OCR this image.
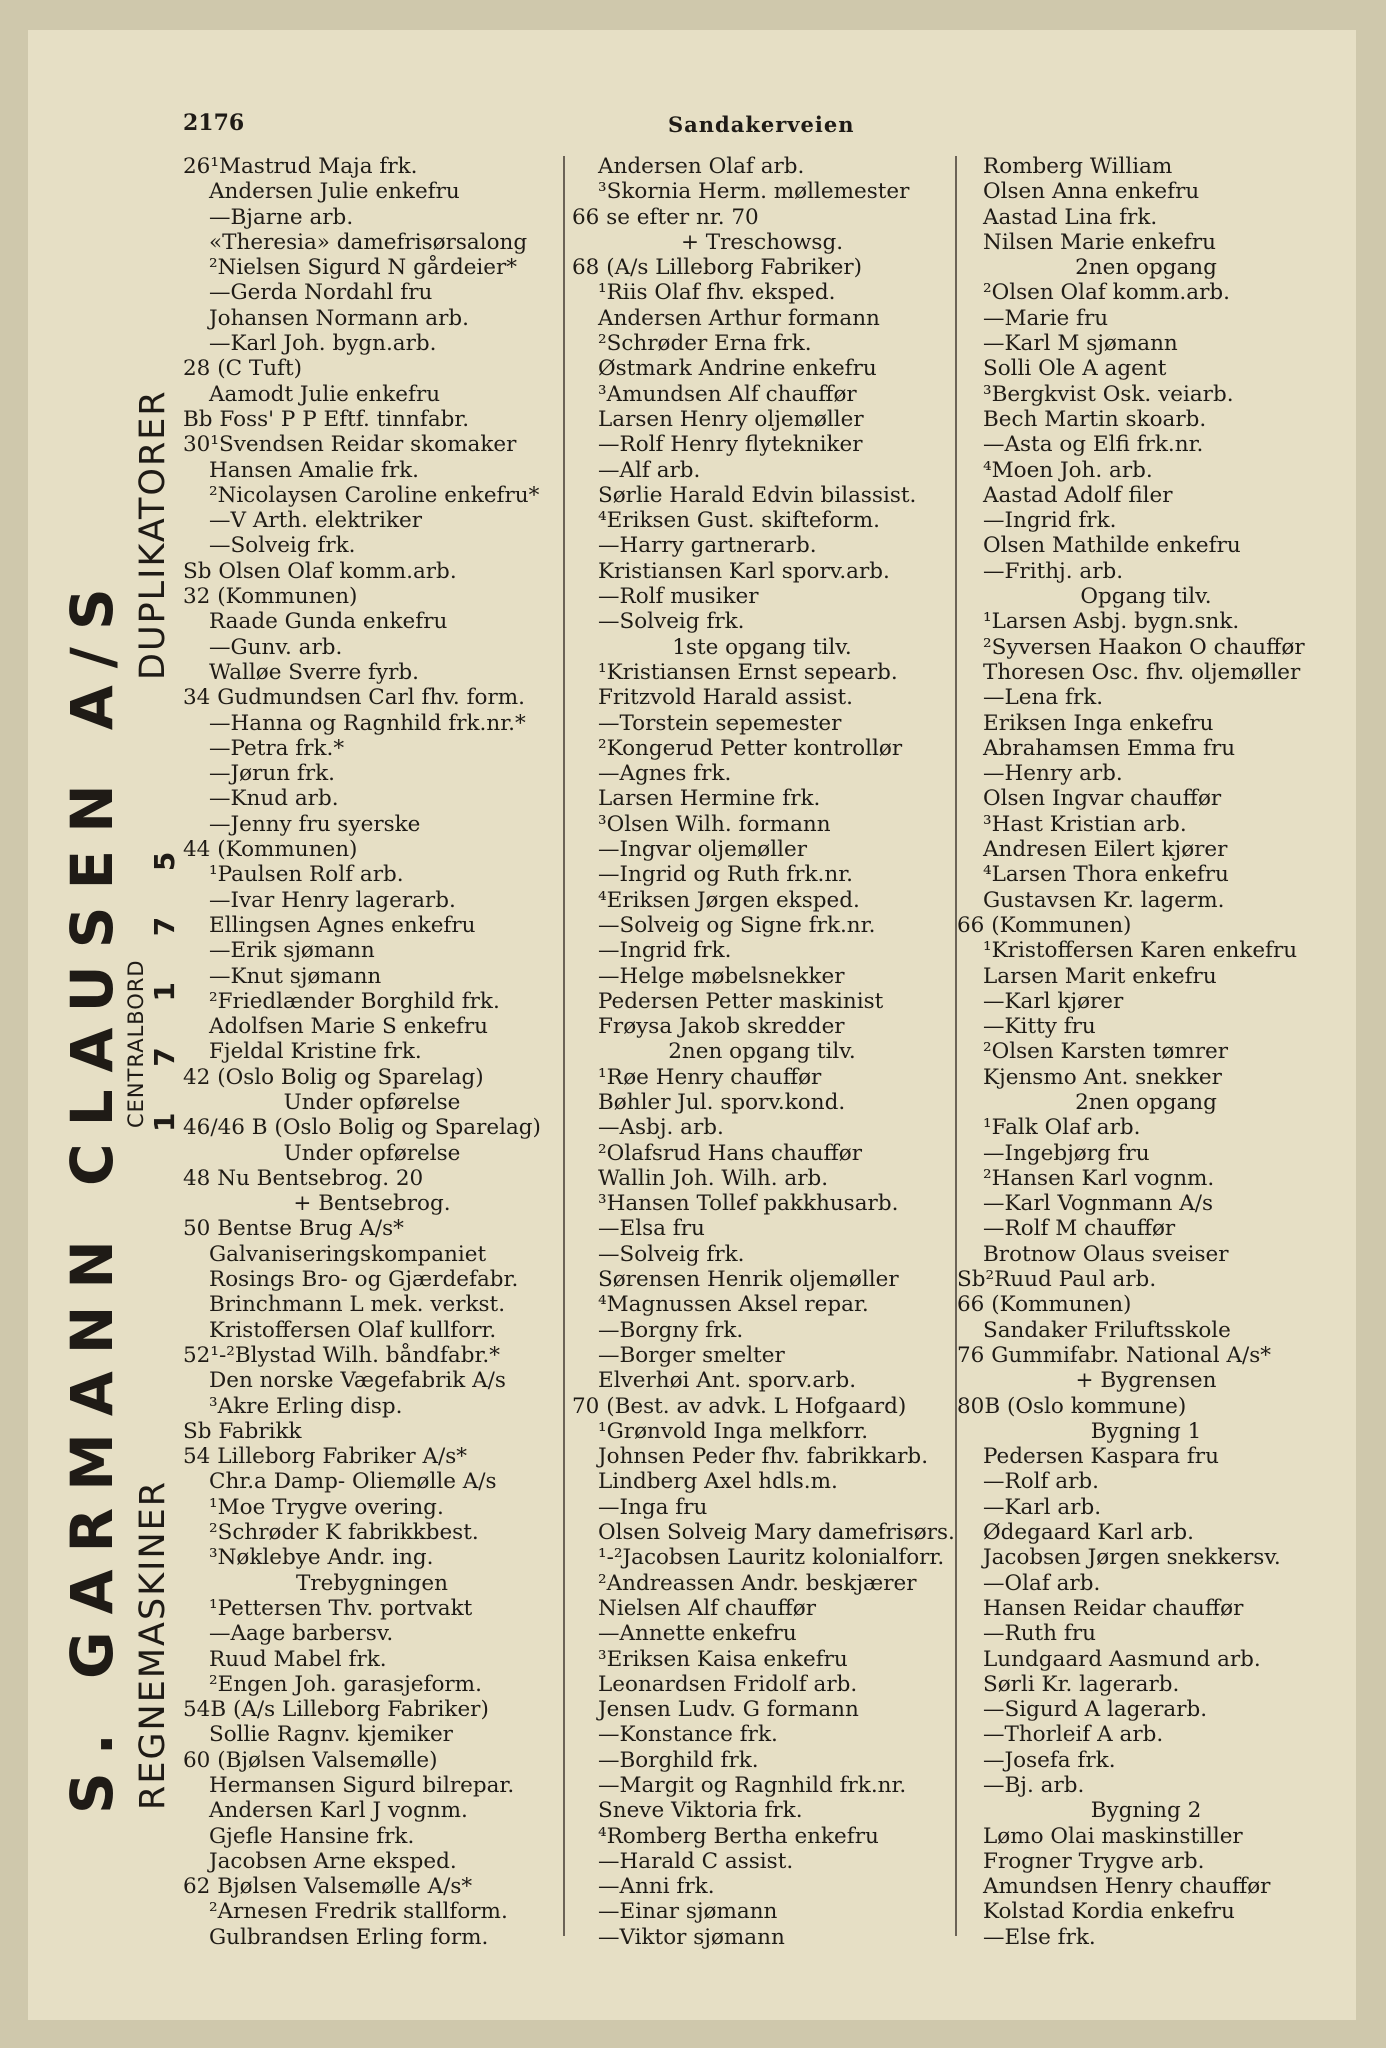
2176	Sandakerveien
S. GARMANN CLAUSEN A/S
DUPLIKATORER
REGNEMASKINER
CENTRALBORD 1 7 1 7 5
26¹Mastrud Maja frk.
Andersen Julie enkefru
—Bjarne arb.
«Theresia» damefrisørsalong
²Nielsen Sigurd N gårdeier*
—Gerda Nordahl fru
Johansen Normann arb.
—Karl Joh. bygn.arb.
28 (C Tuft)
Aamodt Julie enkefru
Bb Foss' P P Eftf. tinnfabr.
30¹Svendsen Reidar skomaker
Hansen Amalie frk.
²Nicolaysen Caroline enkefru*
—V Arth. elektriker
—Solveig frk.
Sb Olsen Olaf komm.arb.
32 (Kommunen)
Raade Gunda enkefru
—Gunv. arb.
Walløe Sverre fyrb.
34 Gudmundsen Carl fhv. form.
—Hanna og Ragnhild frk.nr.*
—Petra frk.*
—Jørun frk.
—Knud arb.
—Jenny fru syerske
44 (Kommunen)
¹Paulsen Rolf arb.
—Ivar Henry lagerarb.
Ellingsen Agnes enkefru
—Erik sjømann
—Knut sjømann
²Friedlænder Borghild frk.
Adolfsen Marie S enkefru
Fjeldal Kristine frk.
42 (Oslo Bolig og Sparelag)
Under opførelse
46/46 B (Oslo Bolig og Sparelag)
Under opførelse
48 Nu Bentsebrog. 20
+ Bentsebrog.
50 Bentse Brug A/s*
Galvaniseringskompaniet
Rosings Bro- og Gjærdefabr.
Brinchmann L mek. verkst.
Kristoffersen Olaf kullforr.
52¹-²Blystad Wilh. båndfabr.*
Den norske Vægefabrik A/s
³Akre Erling disp.
Sb Fabrikk
54 Lilleborg Fabriker A/s*
Chr.a Damp- Oliemølle A/s
¹Moe Trygve overing.
²Schrøder K fabrikkbest.
³Nøklebye Andr. ing.
Trebygningen
¹Pettersen Thv. portvakt
—Aage barbersv.
Ruud Mabel frk.
²Engen Joh. garasjeform.
54B (A/s Lilleborg Fabriker)
Sollie Ragnv. kjemiker
60 (Bjølsen Valsemølle)
Hermansen Sigurd bilrepar.
Andersen Karl J vognm.
Gjefle Hansine frk.
Jacobsen Arne eksped.
62 Bjølsen Valsemølle A/s*
²Arnesen Fredrik stallform.
Gulbrandsen Erling form.
Andersen Olaf arb.
³Skornia Herm. møllemester
66 se efter nr. 70
+ Treschowsg.
68 (A/s Lilleborg Fabriker)
¹Riis Olaf fhv. eksped.
Andersen Arthur formann
²Schrøder Erna frk.
Østmark Andrine enkefru
³Amundsen Alf chauffør
Larsen Henry oljemøller
—Rolf Henry flytekniker
—Alf arb.
Sørlie Harald Edvin bilassist.
⁴Eriksen Gust. skifteform.
—Harry gartnerarb.
Kristiansen Karl sporv.arb.
—Rolf musiker
—Solveig frk.
1ste opgang tilv.
¹Kristiansen Ernst sepearb.
Fritzvold Harald assist.
—Torstein sepemester
²Kongerud Petter kontrollør
—Agnes frk.
Larsen Hermine frk.
³Olsen Wilh. formann
—Ingvar oljemøller
—Ingrid og Ruth frk.nr.
⁴Eriksen Jørgen eksped.
—Solveig og Signe frk.nr.
—Ingrid frk.
—Helge møbelsnekker
Pedersen Petter maskinist
Frøysa Jakob skredder
2nen opgang tilv.
¹Røe Henry chauffør
Bøhler Jul. sporv.kond.
—Asbj. arb.
²Olafsrud Hans chauffør
Wallin Joh. Wilh. arb.
³Hansen Tollef pakkhusarb.
—Elsa fru
—Solveig frk.
Sørensen Henrik oljemøller
⁴Magnussen Aksel repar.
—Borgny frk.
—Borger smelter
Elverhøi Ant. sporv.arb.
70 (Best. av advk. L Hofgaard)
¹Grønvold Inga melkforr.
Johnsen Peder fhv. fabrikkarb.
Lindberg Axel hdls.m.
—Inga fru
Olsen Solveig Mary damefrisørs.
¹-²Jacobsen Lauritz kolonialforr.
²Andreassen Andr. beskjærer
Nielsen Alf chauffør
—Annette enkefru
³Eriksen Kaisa enkefru
Leonardsen Fridolf arb.
Jensen Ludv. G formann
—Konstance frk.
—Borghild frk.
—Margit og Ragnhild frk.nr.
Sneve Viktoria frk.
⁴Romberg Bertha enkefru
—Harald C assist.
—Anni frk.
—Einar sjømann
—Viktor sjømann
Romberg William
Olsen Anna enkefru
Aastad Lina frk.
Nilsen Marie enkefru
2nen opgang
²Olsen Olaf komm.arb.
—Marie fru
—Karl M sjømann
Solli Ole A agent
³Bergkvist Osk. veiarb.
Bech Martin skoarb.
—Asta og Elfi frk.nr.
⁴Moen Joh. arb.
Aastad Adolf filer
—Ingrid frk.
Olsen Mathilde enkefru
—Frithj. arb.
Opgang tilv.
¹Larsen Asbj. bygn.snk.
²Syversen Haakon O chauffør
Thoresen Osc. fhv. oljemøller
—Lena frk.
Eriksen Inga enkefru
Abrahamsen Emma fru
—Henry arb.
Olsen Ingvar chauffør
³Hast Kristian arb.
Andresen Eilert kjører
⁴Larsen Thora enkefru
Gustavsen Kr. lagerm.
66 (Kommunen)
¹Kristoffersen Karen enkefru
Larsen Marit enkefru
—Karl kjører
—Kitty fru
²Olsen Karsten tømrer
Kjensmo Ant. snekker
2nen opgang
¹Falk Olaf arb.
—Ingebjørg fru
²Hansen Karl vognm.
—Karl Vognmann A/s
—Rolf M chauffør
Brotnow Olaus sveiser
Sb²Ruud Paul arb.
66 (Kommunen)
Sandaker Friluftsskole
76 Gummifabr. National A/s*
+ Bygrensen
80B (Oslo kommune)
Bygning 1
Pedersen Kaspara fru
—Rolf arb.
—Karl arb.
Ødegaard Karl arb.
Jacobsen Jørgen snekkersv.
—Olaf arb.
Hansen Reidar chauffør
—Ruth fru
Lundgaard Aasmund arb.
Sørli Kr. lagerarb.
—Sigurd A lagerarb.
—Thorleif A arb.
—Josefa frk.
—Bj. arb.
Bygning 2
Lømo Olai maskinstiller
Frogner Trygve arb.
Amundsen Henry chauffør
Kolstad Kordia enkefru
—Else frk.
